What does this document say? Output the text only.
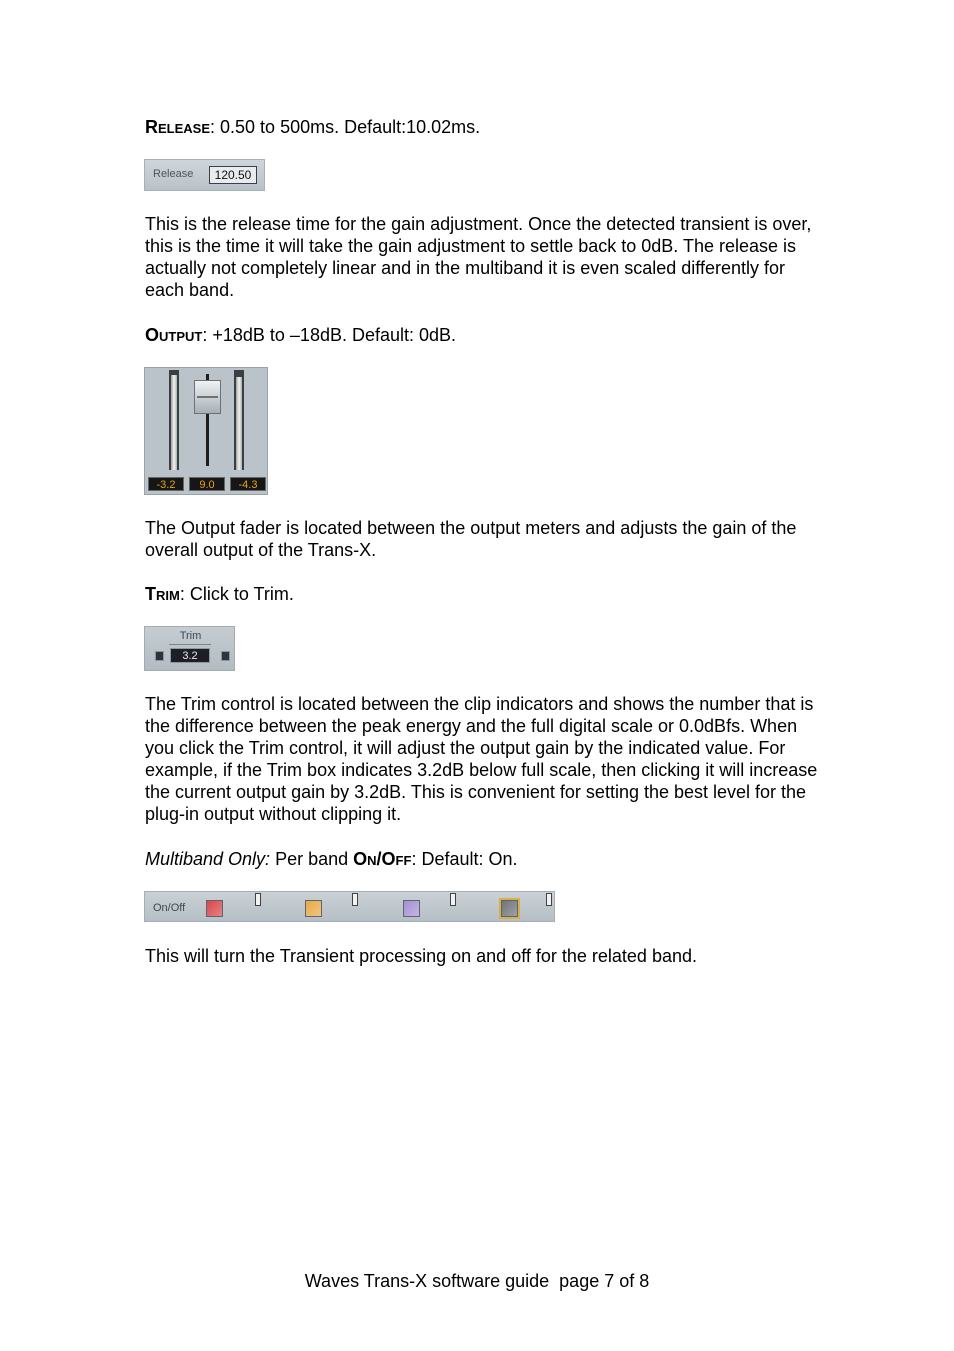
RELEASE: 0.50 to 500ms. Default:10.02ms.

Release	120.50

This is the release time for the gain adjustment. Once the detected transient is over, this is the time it will take the gain adjustment to settle back to 0dB. The release is actually not completely linear and in the multiband it is even scaled differently for each band.

OUTPUT: +18dB to –18dB. Default: 0dB.

-3.2	9.0	-4.3

The Output fader is located between the output meters and adjusts the gain of the overall output of the Trans-X.

TRIM: Click to Trim.

Trim
3.2

The Trim control is located between the clip indicators and shows the number that is the difference between the peak energy and the full digital scale or 0.0dBfs. When you click the Trim control, it will adjust the output gain by the indicated value. For example, if the Trim box indicates 3.2dB below full scale, then clicking it will increase the current output gain by 3.2dB. This is convenient for setting the best level for the plug-in output without clipping it.

Multiband Only: Per band ON/OFF: Default: On.

On/Off

This will turn the Transient processing on and off for the related band.

Waves Trans-X software guide  page 7 of 8
